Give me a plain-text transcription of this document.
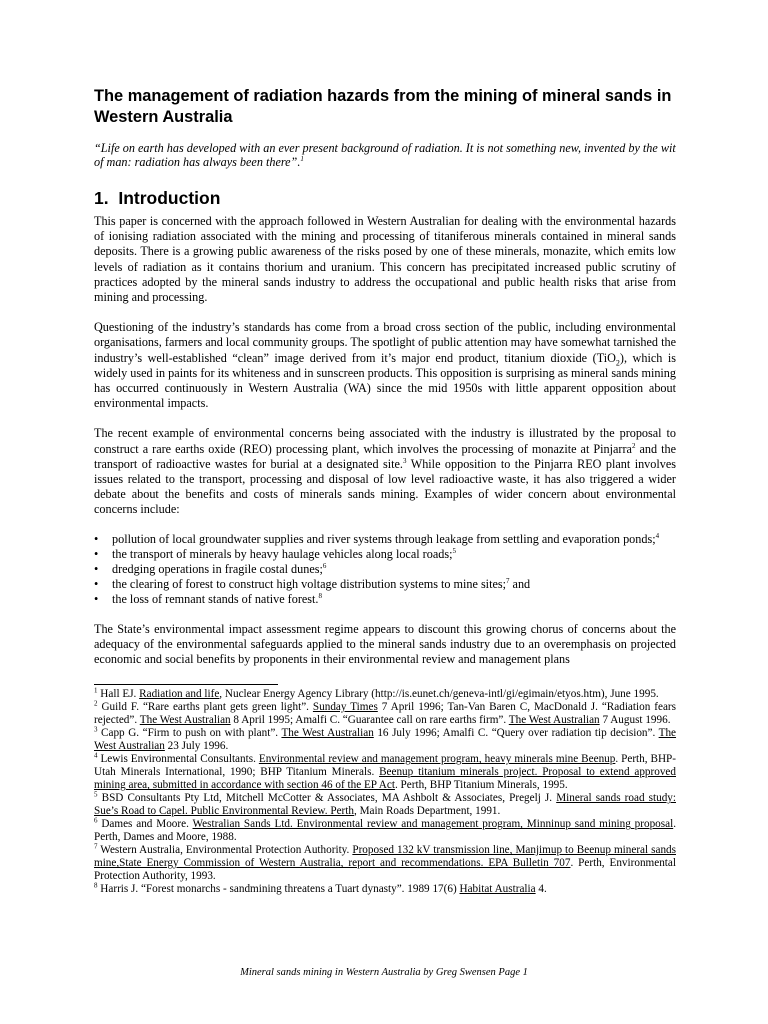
The management of radiation hazards from the mining of mineral sands in Western Australia

“Life on earth has developed with an ever present background of radiation. It is not something new, invented by the wit of man: radiation has always been there”.$^1$

1. Introduction

This paper is concerned with the approach followed in Western Australian for dealing with the environmental hazards of ionising radiation associated with the mining and processing of titaniferous minerals contained in mineral sands deposits. There is a growing public awareness of the risks posed by one of these minerals, monazite, which emits low levels of radiation as it contains thorium and uranium. This concern has precipitated increased public scrutiny of practices adopted by the mineral sands industry to address the occupational and public health risks that arise from mining and processing.

Questioning of the industry’s standards has come from a broad cross section of the public, including environmental organisations, farmers and local community groups. The spotlight of public attention may have somewhat tarnished the industry’s well-established “clean” image derived from it’s major end product, titanium dioxide (TiO$_2$), which is widely used in paints for its whiteness and in sunscreen products. This opposition is surprising as mineral sands mining has occurred continuously in Western Australia (WA) since the mid 1950s with little apparent opposition about environmental impacts.

The recent example of environmental concerns being associated with the industry is illustrated by the proposal to construct a rare earths oxide (REO) processing plant, which involves the processing of monazite at Pinjarra$^2$ and the transport of radioactive wastes for burial at a designated site.$^3$ While opposition to the Pinjarra REO plant involves issues related to the transport, processing and disposal of low level radioactive waste, it has also triggered a wider debate about the benefits and costs of minerals sands mining. Examples of wider concern about environmental concerns include:

• pollution of local groundwater supplies and river systems through leakage from settling and evaporation ponds;$^4$
• the transport of minerals by heavy haulage vehicles along local roads;$^5$
• dredging operations in fragile costal dunes;$^6$
• the clearing of forest to construct high voltage distribution systems to mine sites;$^7$ and
• the loss of remnant stands of native forest.$^8$

The State’s environmental impact assessment regime appears to discount this growing chorus of concerns about the adequacy of the environmental safeguards applied to the mineral sands industry due to an overemphasis on projected economic and social benefits by proponents in their environmental review and management plans

$^1$ Hall EJ. Radiation and life, Nuclear Energy Agency Library (http://is.eunet.ch/geneva-intl/gi/egimain/etyos.htm), June 1995.
$^2$ Guild F. “Rare earths plant gets green light”. Sunday Times 7 April 1996; Tan-Van Baren C, MacDonald J. “Radiation fears rejected”. The West Australian 8 April 1995; Amalfi C. “Guarantee call on rare earths firm”. The West Australian 7 August 1996.
$^3$ Capp G. “Firm to push on with plant”. The West Australian 16 July 1996; Amalfi C. “Query over radiation tip decision”. The West Australian 23 July 1996.
$^4$ Lewis Environmental Consultants. Environmental review and management program, heavy minerals mine Beenup. Perth, BHP-Utah Minerals International, 1990; BHP Titanium Minerals. Beenup titanium minerals project. Proposal to extend approved mining area, submitted in accordance with section 46 of the EP Act. Perth, BHP Titanium Minerals, 1995.
$^5$ BSD Consultants Pty Ltd, Mitchell McCotter & Associates, MA Ashbolt & Associates, Pregelj J. Mineral sands road study: Sue’s Road to Capel. Public Environmental Review. Perth, Main Roads Department, 1991.
$^6$ Dames and Moore. Westralian Sands Ltd. Environmental review and management program, Minninup sand mining proposal. Perth, Dames and Moore, 1988.
$^7$ Western Australia, Environmental Protection Authority. Proposed 132 kV transmission line, Manjimup to Beenup mineral sands mine,State Energy Commission of Western Australia, report and recommendations. EPA Bulletin 707. Perth, Environmental Protection Authority, 1993.
$^8$ Harris J. “Forest monarchs - sandmining threatens a Tuart dynasty”. 1989 17(6) Habitat Australia 4.
Mineral sands mining in Western Australia by Greg Swensen Page 1
